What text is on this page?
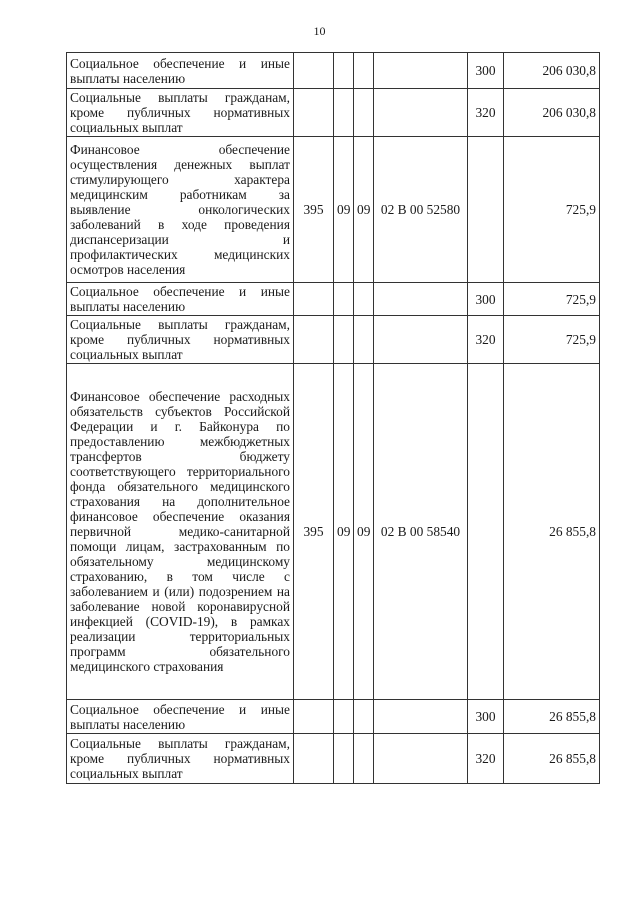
10
Социальное обеспечение и иные выплаты населению					300	206 030,8
Социальные выплаты гражданам, кроме публичных нормативных социальных выплат					320	206 030,8
Финансовое обеспечение осуществления денежных выплат стимулирующего характера медицинским работникам за выявление онкологических заболеваний в ходе проведения диспансеризации и профилактических медицинских осмотров населения	395	09	09	02 В 00 52580		725,9
Социальное обеспечение и иные выплаты населению					300	725,9
Социальные выплаты гражданам, кроме публичных нормативных социальных выплат					320	725,9
Финансовое обеспечение расходных обязательств субъектов Российской Федерации и г. Байконура по предоставлению межбюджетных трансфертов бюджету соответствующего территориального фонда обязательного медицинского страхования на дополнительное финансовое обеспечение оказания первичной медико-санитарной помощи лицам, застрахованным по обязательному медицинскому страхованию, в том числе с заболеванием и (или) подозрением на заболевание новой коронавирусной инфекцией (COVID-19), в рамках реализации территориальных программ обязательного медицинского страхования	395	09	09	02 В 00 58540		26 855,8
Социальное обеспечение и иные выплаты населению					300	26 855,8
Социальные выплаты гражданам, кроме публичных нормативных социальных выплат					320	26 855,8
